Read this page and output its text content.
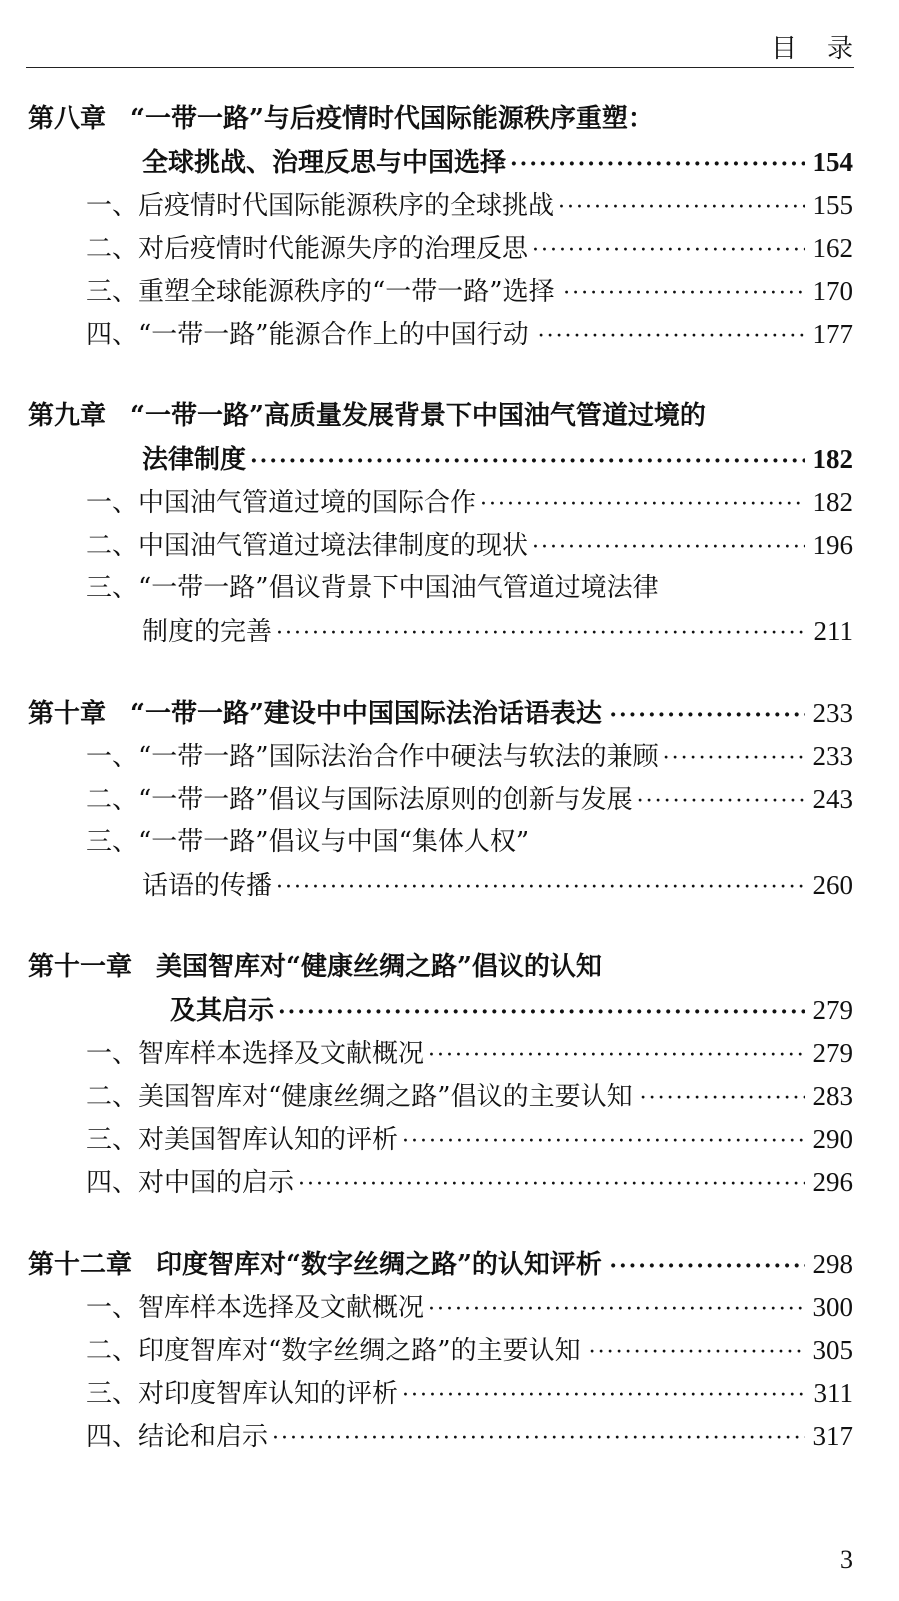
目录
第八章 “一带一路”与后疫情时代国际能源秩序重塑：
全球挑战、治理反思与中国选择 ·····	154
一、后疫情时代国际能源秩序的全球挑战 ·····	155
二、对后疫情时代能源失序的治理反思 ·····	162
三、重塑全球能源秩序的“一带一路”选择 ·····	170
四、“一带一路”能源合作上的中国行动 ·····	177
第九章 “一带一路”高质量发展背景下中国油气管道过境的
法律制度 ·····	182
一、中国油气管道过境的国际合作 ·····	182
二、中国油气管道过境法律制度的现状 ·····	196
三、“一带一路”倡议背景下中国油气管道过境法律
制度的完善 ·····	211
第十章 “一带一路”建设中中国国际法治话语表达 ·····	233
一、“一带一路”国际法治合作中硬法与软法的兼顾 ·····	233
二、“一带一路”倡议与国际法原则的创新与发展 ·····	243
三、“一带一路”倡议与中国“集体人权”
话语的传播 ·····	260
第十一章 美国智库对“健康丝绸之路”倡议的认知
及其启示 ·····	279
一、智库样本选择及文献概况 ·····	279
二、美国智库对“健康丝绸之路”倡议的主要认知 ·····	283
三、对美国智库认知的评析 ·····	290
四、对中国的启示 ·····	296
第十二章 印度智库对“数字丝绸之路”的认知评析 ·····	298
一、智库样本选择及文献概况 ·····	300
二、印度智库对“数字丝绸之路”的主要认知 ·····	305
三、对印度智库认知的评析 ·····	311
四、结论和启示 ·····	317
3
